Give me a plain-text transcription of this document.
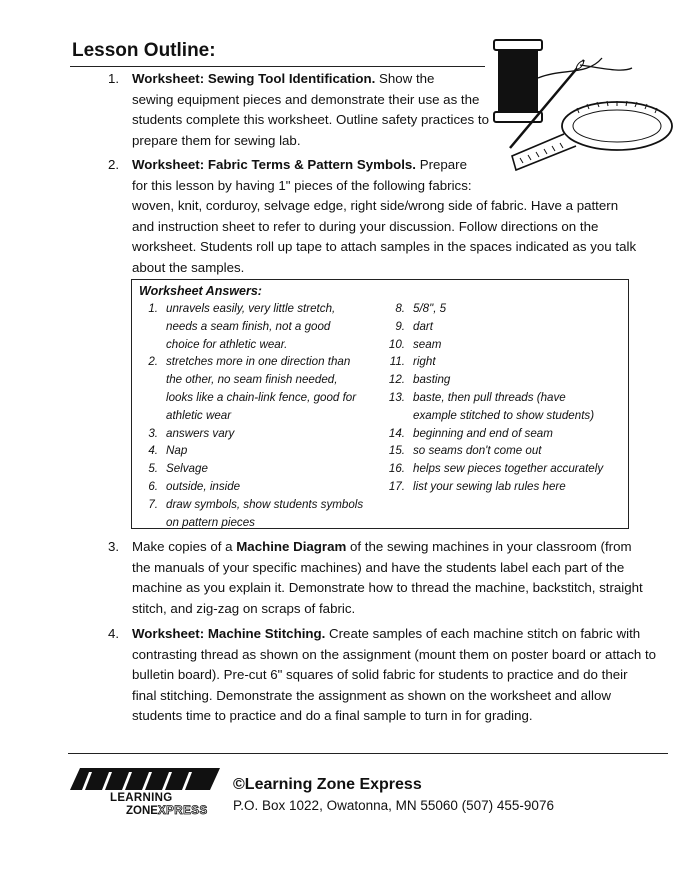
Lesson Outline:
1. Worksheet: Sewing Tool Identification. Show the
sewing equipment pieces and demonstrate their use as the
students complete this worksheet. Outline safety practices to
prepare them for sewing lab.
2. Worksheet: Fabric Terms & Pattern Symbols. Prepare
for this lesson by having 1" pieces of the following fabrics:
woven, knit, corduroy, selvage edge, right side/wrong side of fabric. Have a pattern
and instruction sheet to refer to during your discussion. Follow directions on the
worksheet. Students roll up tape to attach samples in the spaces indicated as you talk
about the samples.
3. Make copies of a Machine Diagram of the sewing machines in your classroom (from
the manuals of your specific machines) and have the students label each part of the
machine as you explain it. Demonstrate how to thread the machine, backstitch, straight
stitch, and zig-zag on scraps of fabric.
4. Worksheet: Machine Stitching. Create samples of each machine stitch on fabric with
contrasting thread as shown on the assignment (mount them on poster board or attach to
bulletin board). Pre-cut 6" squares of solid fabric for students to practice and do their
final stitching. Demonstrate the assignment as shown on the worksheet and allow
students time to practice and do a final sample to turn in for grading.
Worksheet Answers:
1. unravels easily, very little stretch,
needs a seam finish, not a good
choice for athletic wear.
2. stretches more in one direction than
the other, no seam finish needed,
looks like a chain-link fence, good for
athletic wear
3. answers vary
4. Nap
5. Selvage
6. outside, inside
7. draw symbols, show students symbols
on pattern pieces
8. 5/8", 5
9. dart
10. seam
11. right
12. basting
13. baste, then pull threads (have
example stitched to show students)
14. beginning and end of seam
15. so seams don't come out
16. helps sew pieces together accurately
17. list your sewing lab rules here
LEARNING
ZONEXPRESS
©Learning Zone Express
P.O. Box 1022, Owatonna, MN 55060 (507) 455-9076
